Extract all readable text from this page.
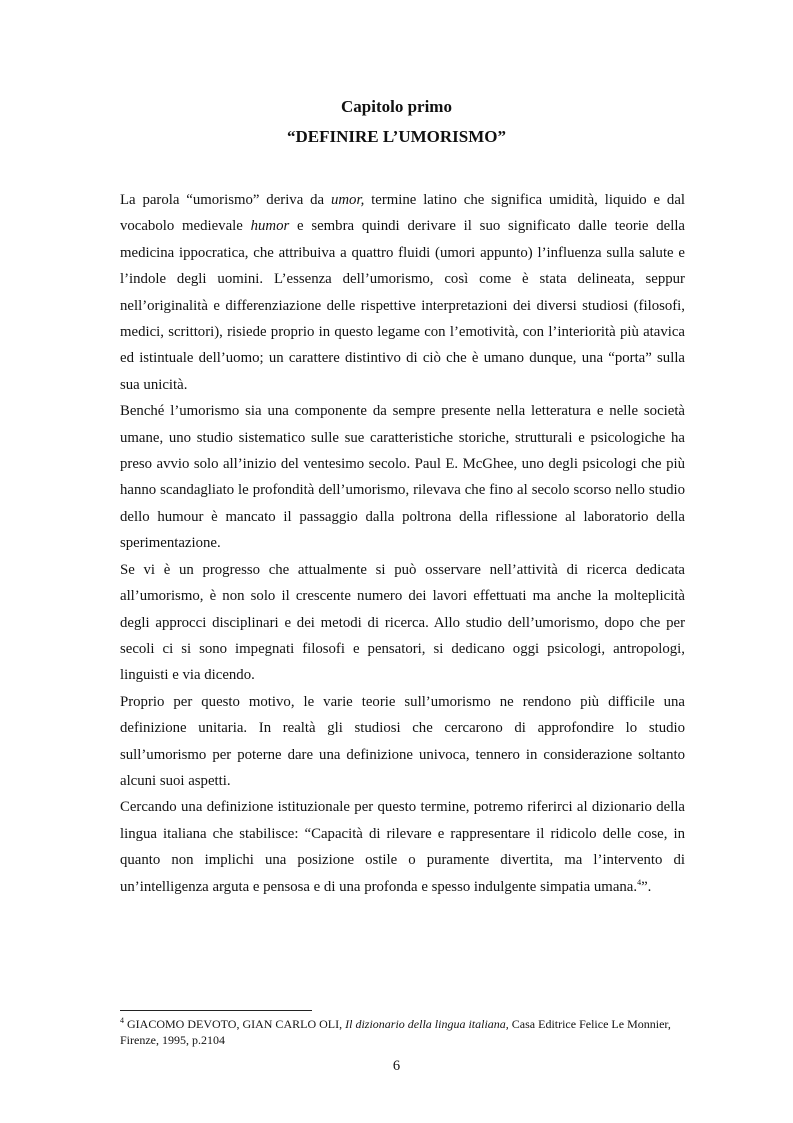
Capitolo primo
“DEFINIRE L’UMORISMO”

La parola “umorismo” deriva da umor, termine latino che significa umidità, liquido e dal vocabolo medievale humor e sembra quindi derivare il suo significato dalle teorie della medicina ippocratica, che attribuiva a quattro fluidi (umori appunto) l’influenza sulla salute e l’indole degli uomini. L’essenza dell’umorismo, così come è stata delineata, seppur nell’originalità e differenziazione delle rispettive interpretazioni dei diversi studiosi (filosofi, medici, scrittori), risiede proprio in questo legame con l’emotività, con l’interiorità più atavica ed istintuale dell’uomo; un carattere distintivo di ciò che è umano dunque, una “porta” sulla sua unicità.

Benché l’umorismo sia una componente da sempre presente nella letteratura e nelle società umane, uno studio sistematico sulle sue caratteristiche storiche, strutturali e psicologiche ha preso avvio solo all’inizio del ventesimo secolo. Paul E. McGhee, uno degli psicologi che più hanno scandagliato le profondità dell’umorismo, rilevava che fino al secolo scorso nello studio dello humour è mancato il passaggio dalla poltrona della riflessione al laboratorio della sperimentazione.

Se vi è un progresso che attualmente si può osservare nell’attività di ricerca dedicata all’umorismo, è non solo il crescente numero dei lavori effettuati ma anche la molteplicità degli approcci disciplinari e dei metodi di ricerca. Allo studio dell’umorismo, dopo che per secoli ci si sono impegnati filosofi e pensatori, si dedicano oggi psicologi, antropologi, linguisti e via dicendo.

Proprio per questo motivo, le varie teorie sull’umorismo ne rendono più difficile una definizione unitaria. In realtà gli studiosi che cercarono di approfondire lo studio sull’umorismo per poterne dare una definizione univoca, tennero in considerazione soltanto alcuni suoi aspetti.

Cercando una definizione istituzionale per questo termine, potremo riferirci al dizionario della lingua italiana che stabilisce: “Capacità di rilevare e rappresentare il ridicolo delle cose, in quanto non implichi una posizione ostile o puramente divertita, ma l’intervento di un’intelligenza arguta e pensosa e di una profonda e spesso indulgente simpatia umana.$^4$”.

$^4$ GIACOMO DEVOTO, GIAN CARLO OLI, Il dizionario della lingua italiana, Casa Editrice Felice Le Monnier, Firenze, 1995, p.2104
6
